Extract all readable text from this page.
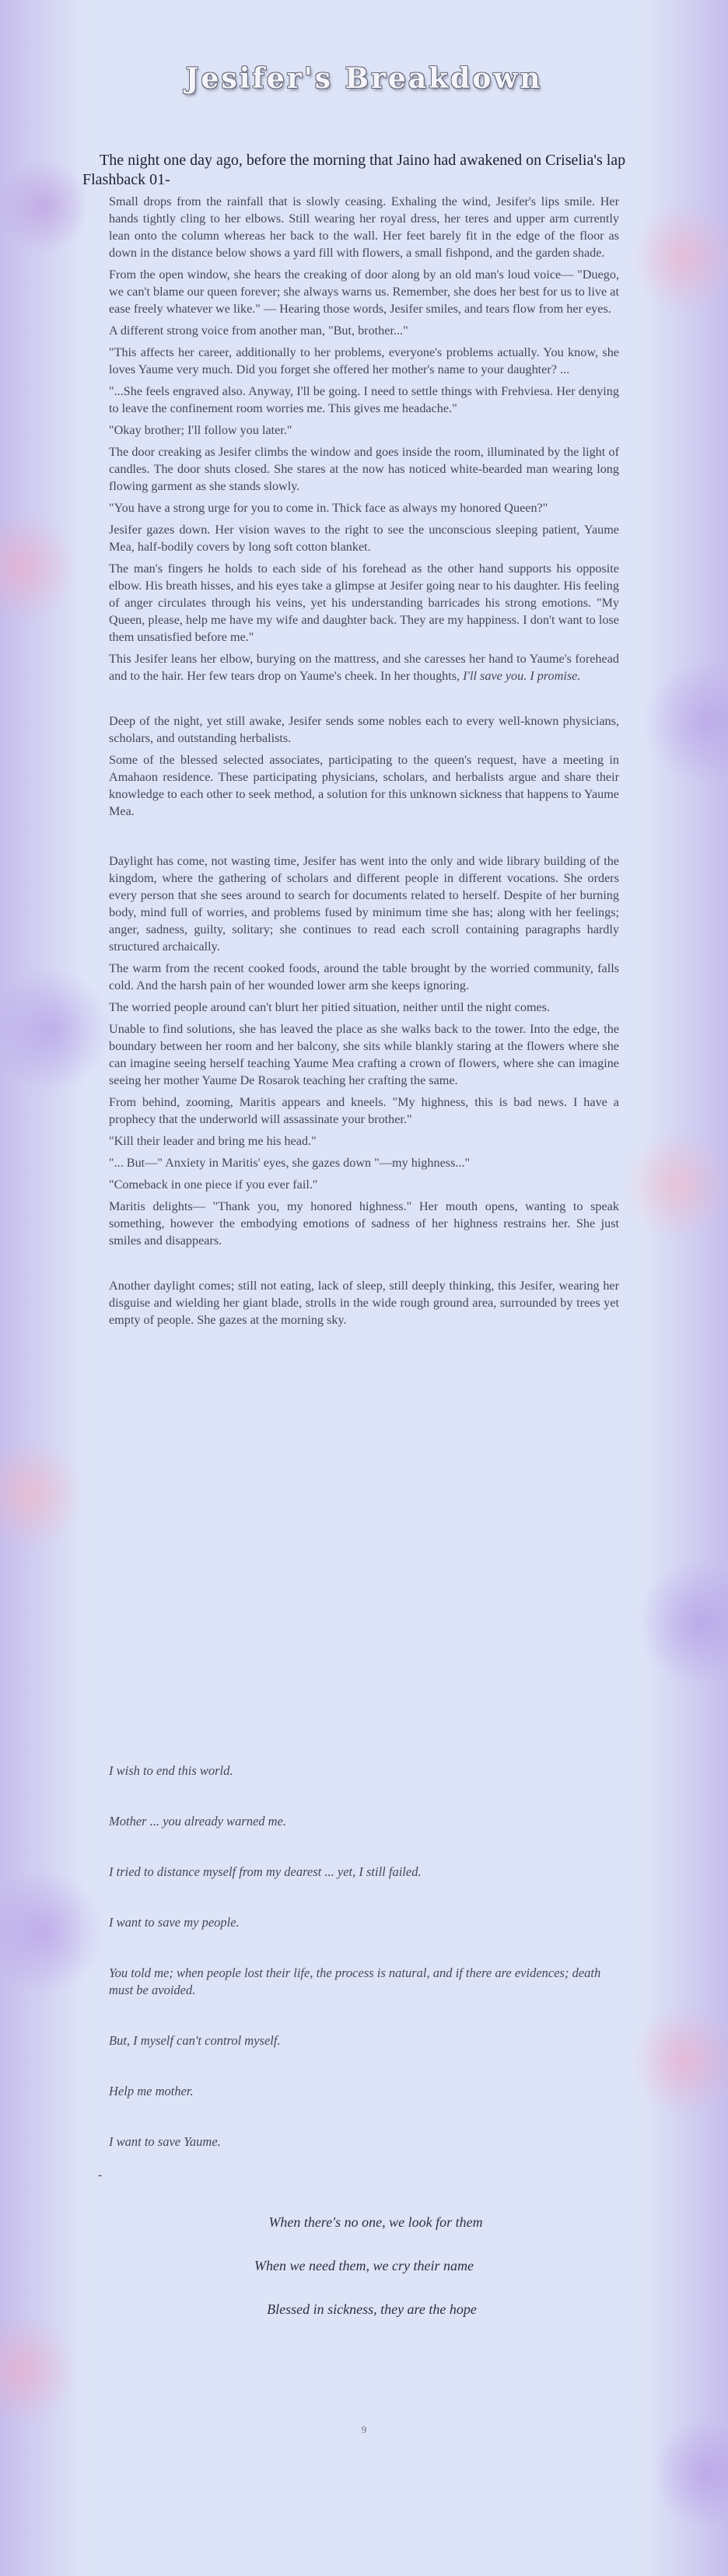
Jesifer's Breakdown
The night one day ago, before the morning that Jaino had awakened on Criselia's lap Flashback 01-

Small drops from the rainfall that is slowly ceasing. Exhaling the wind, Jesifer's lips smile. Her hands tightly cling to her elbows. Still wearing her royal dress, her teres and upper arm currently lean onto the column whereas her back to the wall. Her feet barely fit in the edge of the floor as down in the distance below shows a yard fill with flowers, a small fishpond, and the garden shade.

From the open window, she hears the creaking of door along by an old man's loud voice— "Duego, we can't blame our queen forever; she always warns us. Remember, she does her best for us to live at ease freely whatever we like." — Hearing those words, Jesifer smiles, and tears flow from her eyes.

A different strong voice from another man, "But, brother..."

"This affects her career, additionally to her problems, everyone's problems actually. You know, she loves Yaume very much. Did you forget she offered her mother's name to your daughter? ...

"...She feels engraved also. Anyway, I'll be going. I need to settle things with Frehviesa. Her denying to leave the confinement room worries me. This gives me headache."

"Okay brother; I'll follow you later."

The door creaking as Jesifer climbs the window and goes inside the room, illuminated by the light of candles. The door shuts closed. She stares at the now has noticed white-bearded man wearing long flowing garment as she stands slowly.

"You have a strong urge for you to come in. Thick face as always my honored Queen?"

Jesifer gazes down. Her vision waves to the right to see the unconscious sleeping patient, Yaume Mea, half-bodily covers by long soft cotton blanket.

The man's fingers he holds to each side of his forehead as the other hand supports his opposite elbow. His breath hisses, and his eyes take a glimpse at Jesifer going near to his daughter. His feeling of anger circulates through his veins, yet his understanding barricades his strong emotions. "My Queen, please, help me have my wife and daughter back. They are my happiness. I don't want to lose them unsatisfied before me."

This Jesifer leans her elbow, burying on the mattress, and she caresses her hand to Yaume's forehead and to the hair. Her few tears drop on Yaume's cheek. In her thoughts, I'll save you. I promise.

Deep of the night, yet still awake, Jesifer sends some nobles each to every well-known physicians, scholars, and outstanding herbalists.

Some of the blessed selected associates, participating to the queen's request, have a meeting in Amahaon residence. These participating physicians, scholars, and herbalists argue and share their knowledge to each other to seek method, a solution for this unknown sickness that happens to Yaume Mea.

Daylight has come, not wasting time, Jesifer has went into the only and wide library building of the kingdom, where the gathering of scholars and different people in different vocations. She orders every person that she sees around to search for documents related to herself. Despite of her burning body, mind full of worries, and problems fused by minimum time she has; along with her feelings; anger, sadness, guilty, solitary; she continues to read each scroll containing paragraphs hardly structured archaically.

The warm from the recent cooked foods, around the table brought by the worried community, falls cold. And the harsh pain of her wounded lower arm she keeps ignoring.

The worried people around can't blurt her pitied situation, neither until the night comes.

Unable to find solutions, she has leaved the place as she walks back to the tower. Into the edge, the boundary between her room and her balcony, she sits while blankly staring at the flowers where she can imagine seeing herself teaching Yaume Mea crafting a crown of flowers, where she can imagine seeing her mother Yaume De Rosarok teaching her crafting the same.

From behind, zooming, Maritis appears and kneels. "My highness, this is bad news. I have a prophecy that the underworld will assassinate your brother."

"Kill their leader and bring me his head."

"... But—" Anxiety in Maritis' eyes, she gazes down "—my highness..."

"Comeback in one piece if you ever fail."

Maritis delights— "Thank you, my honored highness." Her mouth opens, wanting to speak something, however the embodying emotions of sadness of her highness restrains her. She just smiles and disappears.

Another daylight comes; still not eating, lack of sleep, still deeply thinking, this Jesifer, wearing her disguise and wielding her giant blade, strolls in the wide rough ground area, surrounded by trees yet empty of people. She gazes at the morning sky.

I wish to end this world.

Mother ... you already warned me.

I tried to distance myself from my dearest ... yet, I still failed.

I want to save my people.

You told me; when people lost their life, the process is natural, and if there are evidences; death must be avoided.

But, I myself can't control myself.

Help me mother.

I want to save Yaume.

-

When there's no one, we look for them

When we need them, we cry their name

Blessed in sickness, they are the hope

9
